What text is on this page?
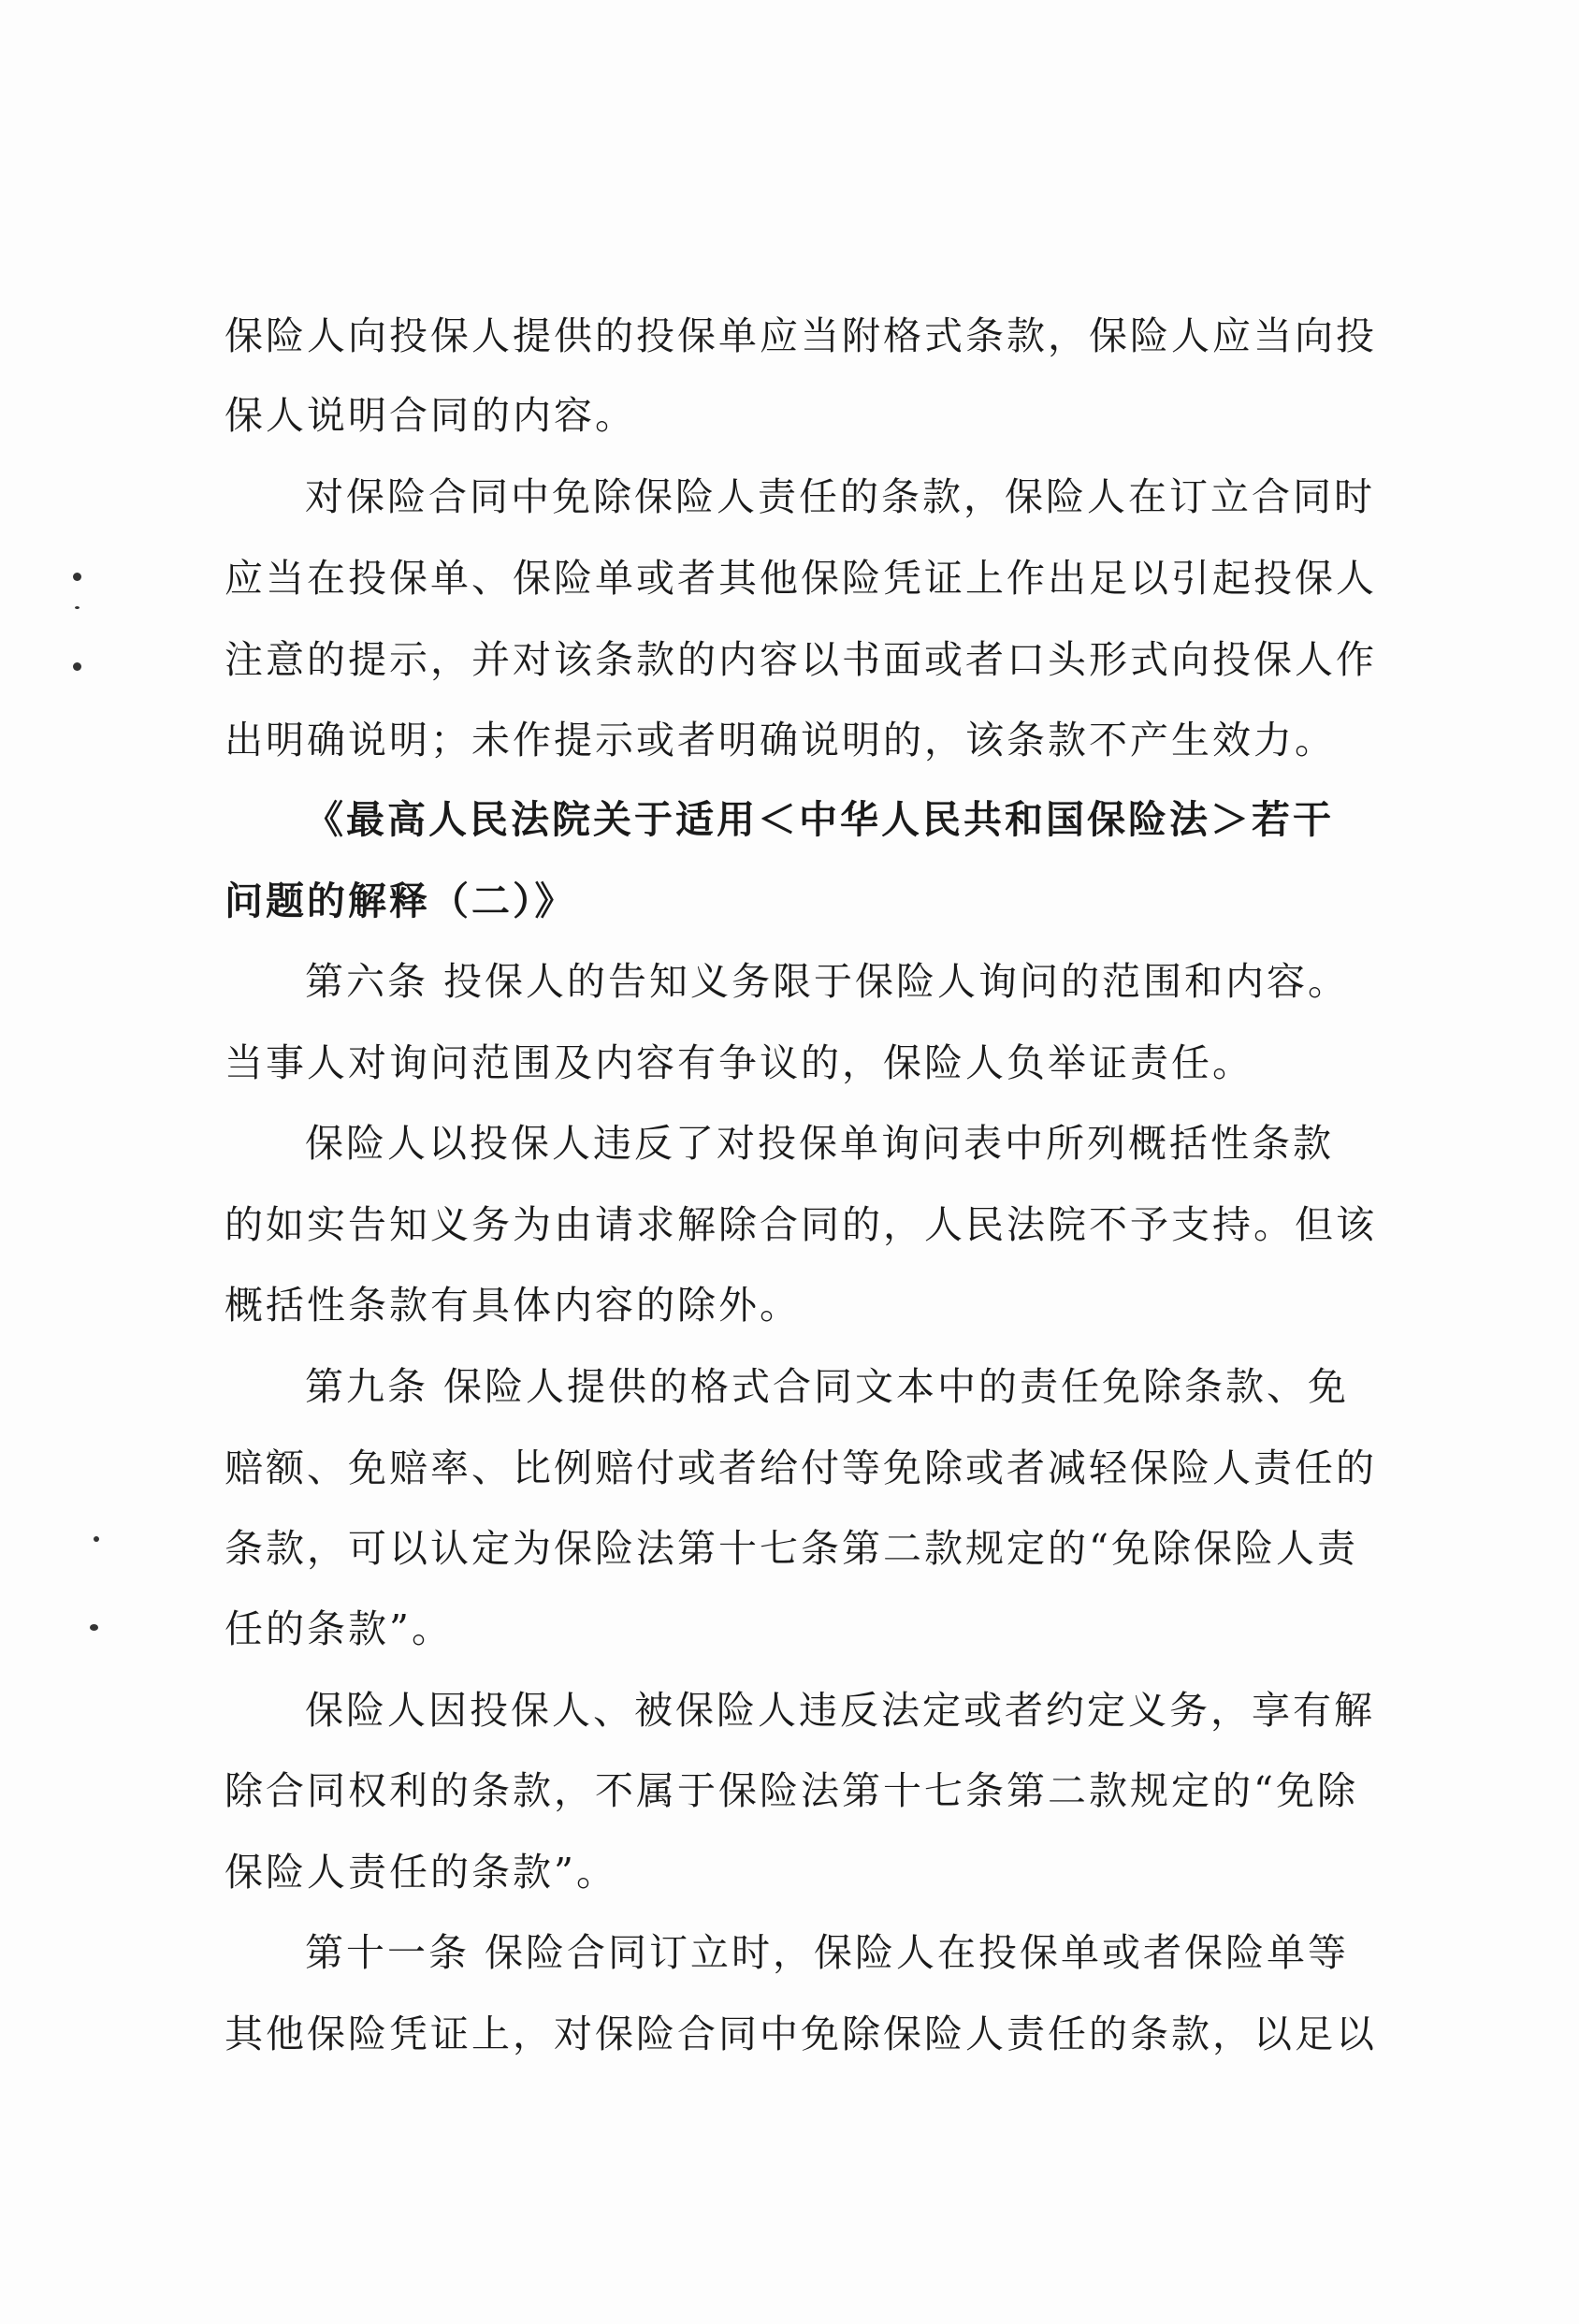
保险人向投保人提供的投保单应当附格式条款，保险人应当向投
保人说明合同的内容。
对保险合同中免除保险人责任的条款，保险人在订立合同时
应当在投保单、保险单或者其他保险凭证上作出足以引起投保人
注意的提示，并对该条款的内容以书面或者口头形式向投保人作
出明确说明；未作提示或者明确说明的，该条款不产生效力。
《最高人民法院关于适用＜中华人民共和国保险法＞若干
问题的解释（二）》
第六条 投保人的告知义务限于保险人询问的范围和内容。
当事人对询问范围及内容有争议的，保险人负举证责任。
保险人以投保人违反了对投保单询问表中所列概括性条款
的如实告知义务为由请求解除合同的，人民法院不予支持。但该
概括性条款有具体内容的除外。
第九条 保险人提供的格式合同文本中的责任免除条款、免
赔额、免赔率、比例赔付或者给付等免除或者减轻保险人责任的
条款，可以认定为保险法第十七条第二款规定的“免除保险人责
任的条款”。
保险人因投保人、被保险人违反法定或者约定义务，享有解
除合同权利的条款，不属于保险法第十七条第二款规定的“免除
保险人责任的条款”。
第十一条 保险合同订立时，保险人在投保单或者保险单等
其他保险凭证上，对保险合同中免除保险人责任的条款，以足以
